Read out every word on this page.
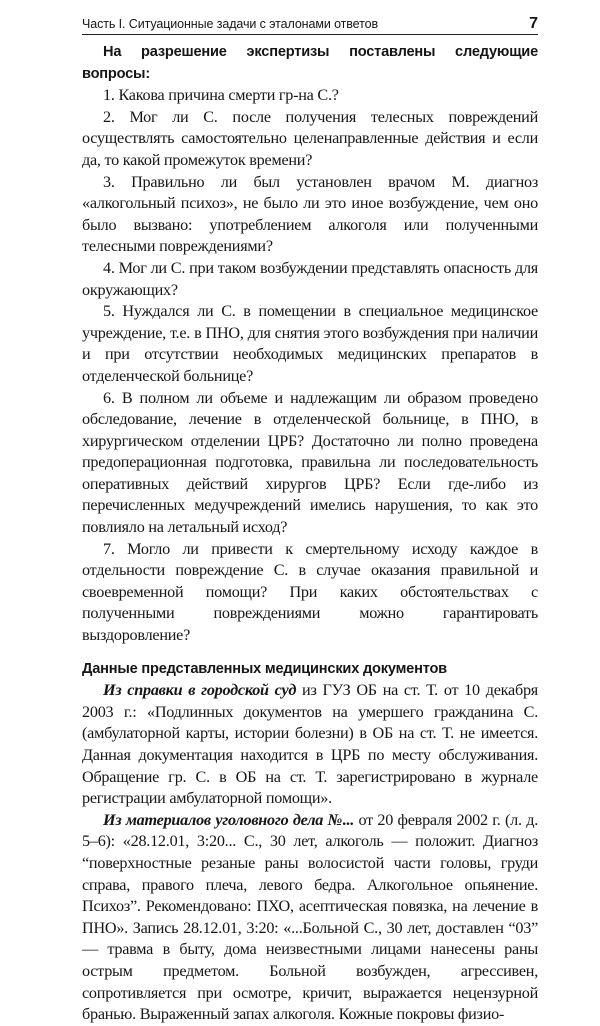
Часть I. Ситуационные задачи с эталонами ответов	7

На разрешение экспертизы поставлены следующие вопросы:

1. Какова причина смерти гр-на С.?

2. Мог ли С. после получения телесных повреждений осуществлять самостоятельно целенаправленные действия и если да, то какой промежуток времени?

3. Правильно ли был установлен врачом М. диагноз «алкогольный психоз», не было ли это иное возбуждение, чем оно было вызвано: употреблением алкоголя или полученными телесными повреждениями?

4. Мог ли С. при таком возбуждении представлять опасность для окружающих?

5. Нуждался ли С. в помещении в специальное медицинское учреждение, т.е. в ПНО, для снятия этого возбуждения при наличии и при отсутствии необходимых медицинских препаратов в отделенческой больнице?

6. В полном ли объеме и надлежащим ли образом проведено обследование, лечение в отделенческой больнице, в ПНО, в хирургическом отделении ЦРБ? Достаточно ли полно проведена предоперационная подготовка, правильна ли последовательность оперативных действий хирургов ЦРБ? Если где-либо из перечисленных медучреждений имелись нарушения, то как это повлияло на летальный исход?

7. Могло ли привести к смертельному исходу каждое в отдельности повреждение С. в случае оказания правильной и своевременной помощи? При каких обстоятельствах с полученными повреждениями можно гарантировать выздоровление?

Данные представленных медицинских документов

Из справки в городской суд из ГУЗ ОБ на ст. Т. от 10 декабря 2003 г.: «Подлинных документов на умершего гражданина С. (амбулаторной карты, истории болезни) в ОБ на ст. Т. не имеется. Данная документация находится в ЦРБ по месту обслуживания. Обращение гр. С. в ОБ на ст. Т. зарегистрировано в журнале регистрации амбулаторной помощи».

Из материалов уголовного дела №... от 20 февраля 2002 г. (л. д. 5–6): «28.12.01, 3:20... С., 30 лет, алкоголь — положит. Диагноз “поверхностные резаные раны волосистой части головы, груди справа, правого плеча, левого бедра. Алкогольное опьянение. Психоз”. Рекомендовано: ПХО, асептическая повязка, на лечение в ПНО». Запись 28.12.01, 3:20: «...Больной С., 30 лет, доставлен “03” — травма в быту, дома неизвестными лицами нанесены раны острым предметом. Больной возбужден, агрессивен, сопротивляется при осмотре, кричит, выражается нецензурной бранью. Выраженный запах алкоголя. Кожные покровы физио-
